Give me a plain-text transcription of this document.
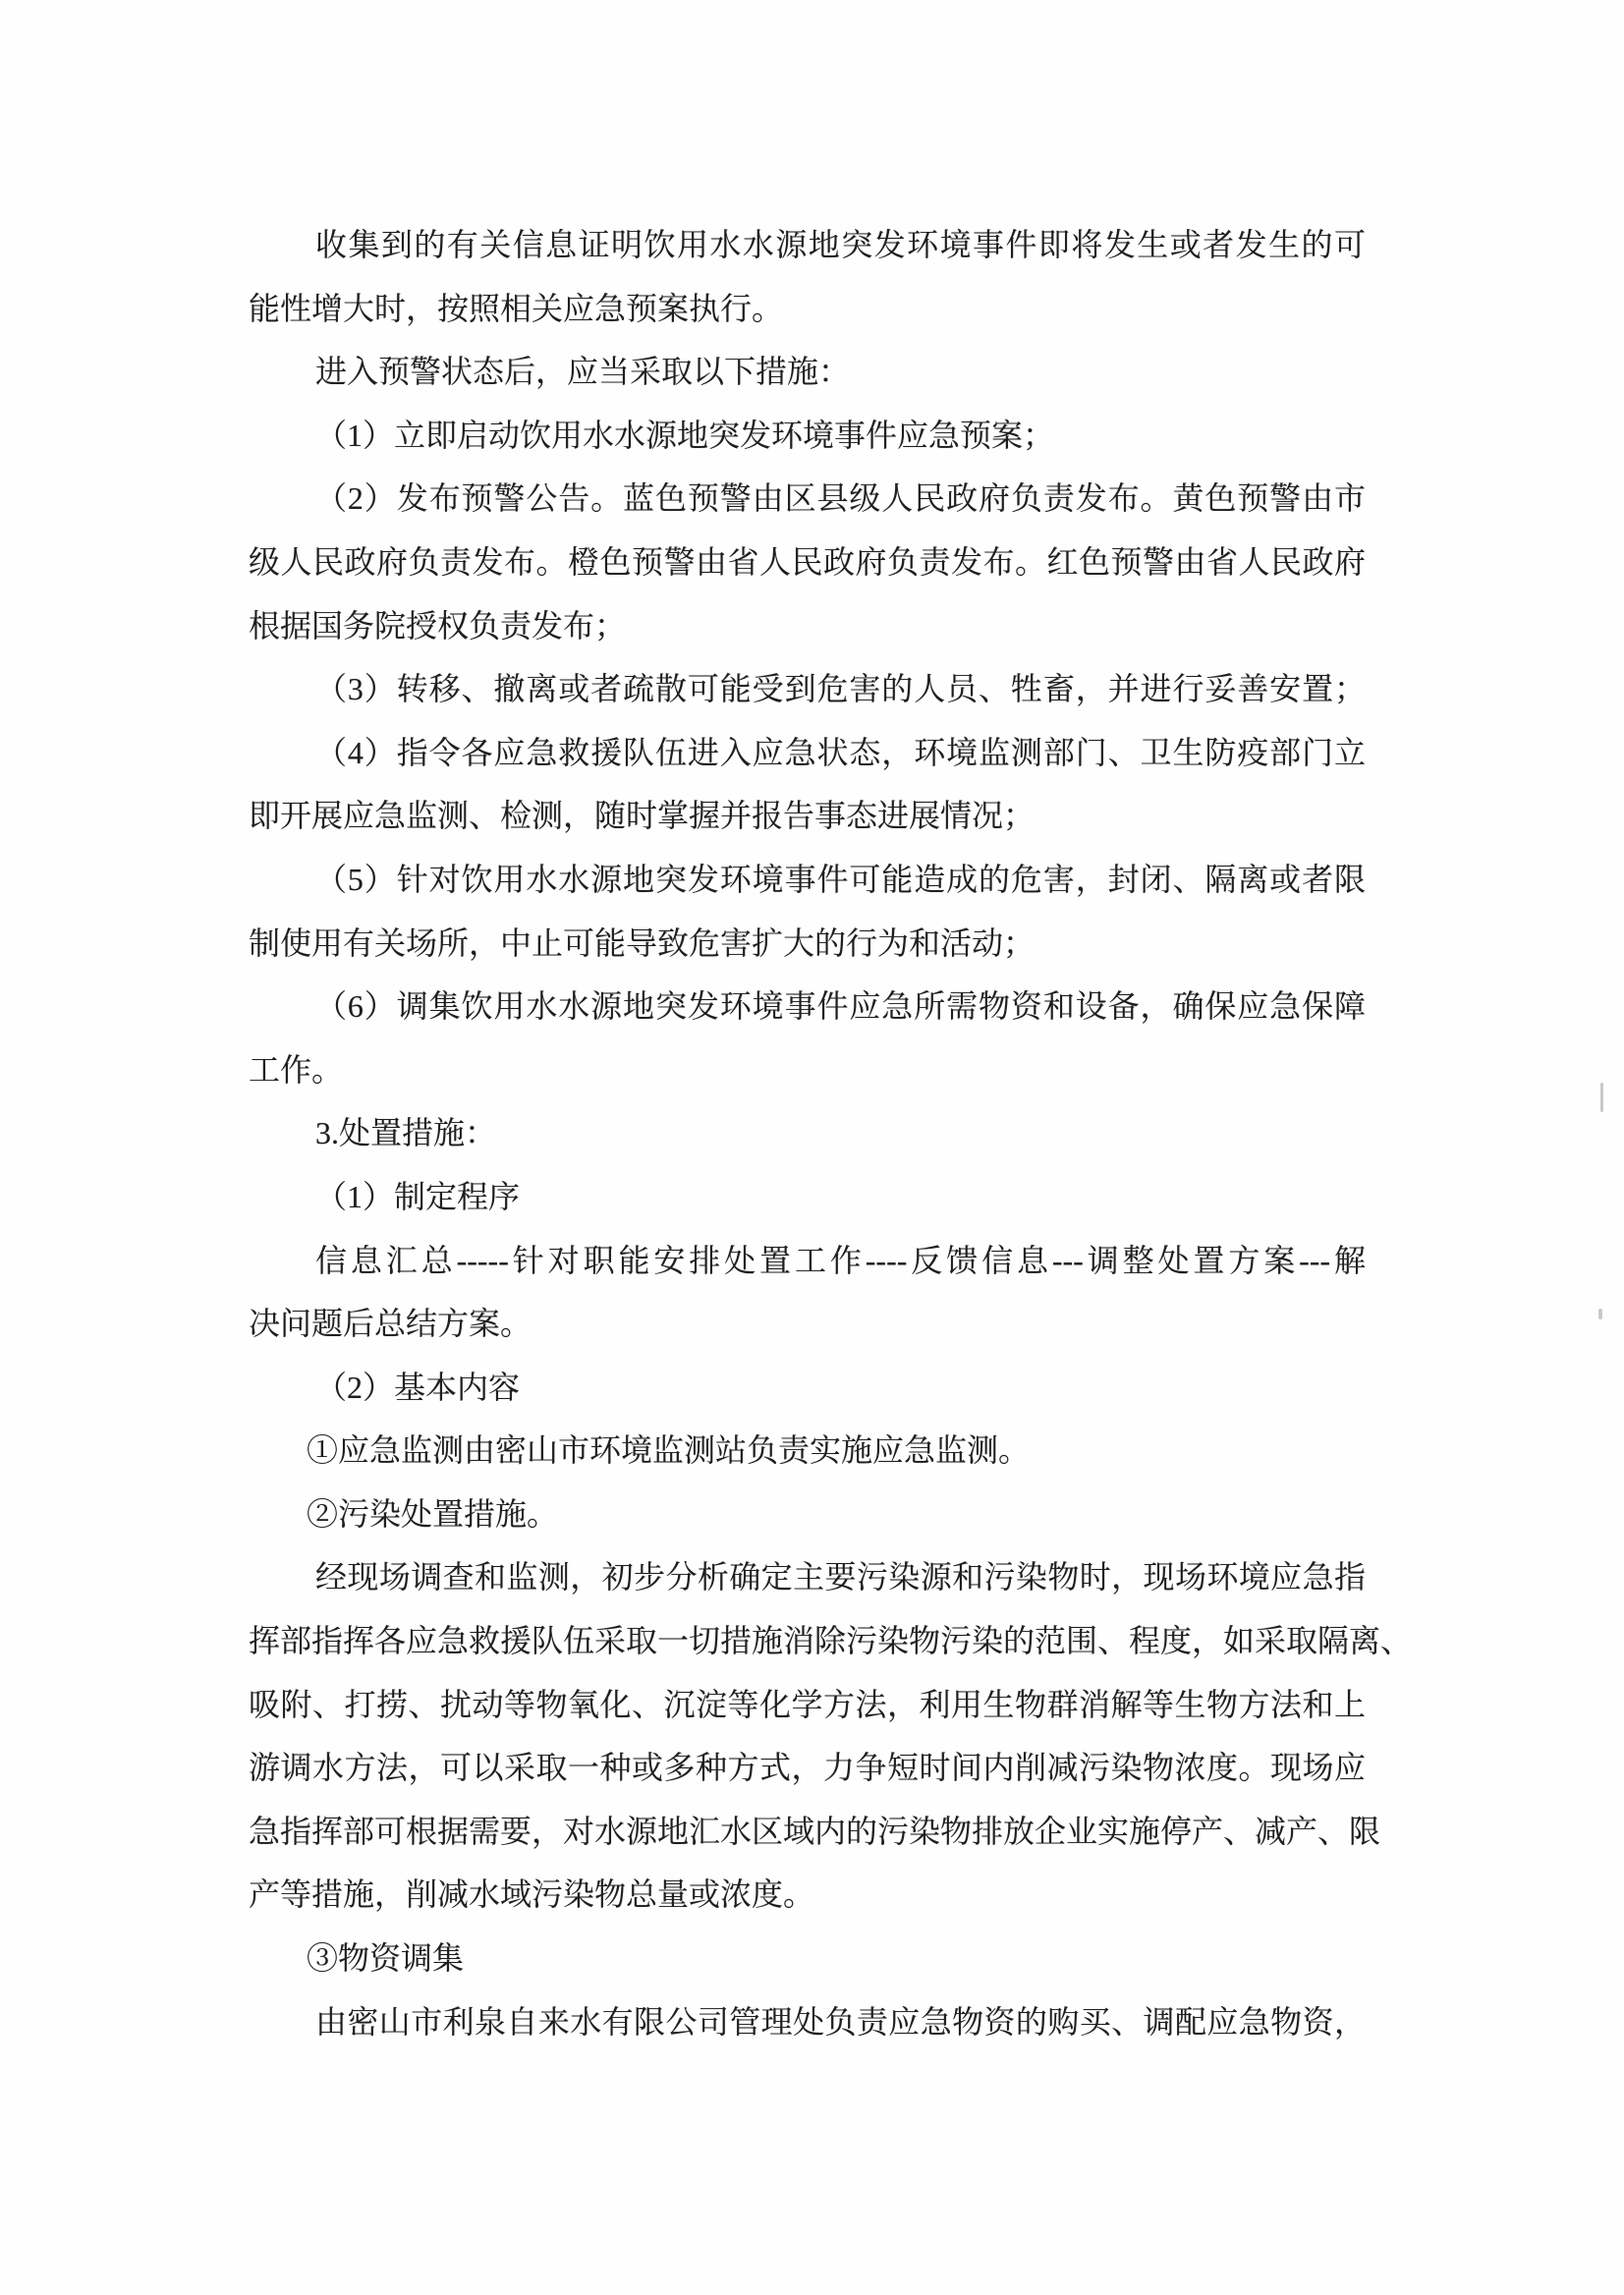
收集到的有关信息证明饮用水水源地突发环境事件即将发生或者发生的可
能性增大时，按照相关应急预案执行。
进入预警状态后，应当采取以下措施：
（1）立即启动饮用水水源地突发环境事件应急预案；
（2）发布预警公告。蓝色预警由区县级人民政府负责发布。黄色预警由市
级人民政府负责发布。橙色预警由省人民政府负责发布。红色预警由省人民政府
根据国务院授权负责发布；
（3）转移、撤离或者疏散可能受到危害的人员、牲畜，并进行妥善安置；
（4）指令各应急救援队伍进入应急状态，环境监测部门、卫生防疫部门立
即开展应急监测、检测，随时掌握并报告事态进展情况；
（5）针对饮用水水源地突发环境事件可能造成的危害，封闭、隔离或者限
制使用有关场所，中止可能导致危害扩大的行为和活动；
（6）调集饮用水水源地突发环境事件应急所需物资和设备，确保应急保障
工作。
3.处置措施：
（1）制定程序
信息汇总-----针对职能安排处置工作----反馈信息---调整处置方案---解
决问题后总结方案。
（2）基本内容
①应急监测由密山市环境监测站负责实施应急监测。
②污染处置措施。
经现场调查和监测，初步分析确定主要污染源和污染物时，现场环境应急指
挥部指挥各应急救援队伍采取一切措施消除污染物污染的范围、程度，如采取隔离、
吸附、打捞、扰动等物氧化、沉淀等化学方法，利用生物群消解等生物方法和上
游调水方法，可以采取一种或多种方式，力争短时间内削减污染物浓度。现场应
急指挥部可根据需要，对水源地汇水区域内的污染物排放企业实施停产、减产、限
产等措施，削减水域污染物总量或浓度。
③物资调集
由密山市利泉自来水有限公司管理处负责应急物资的购买、调配应急物资，
